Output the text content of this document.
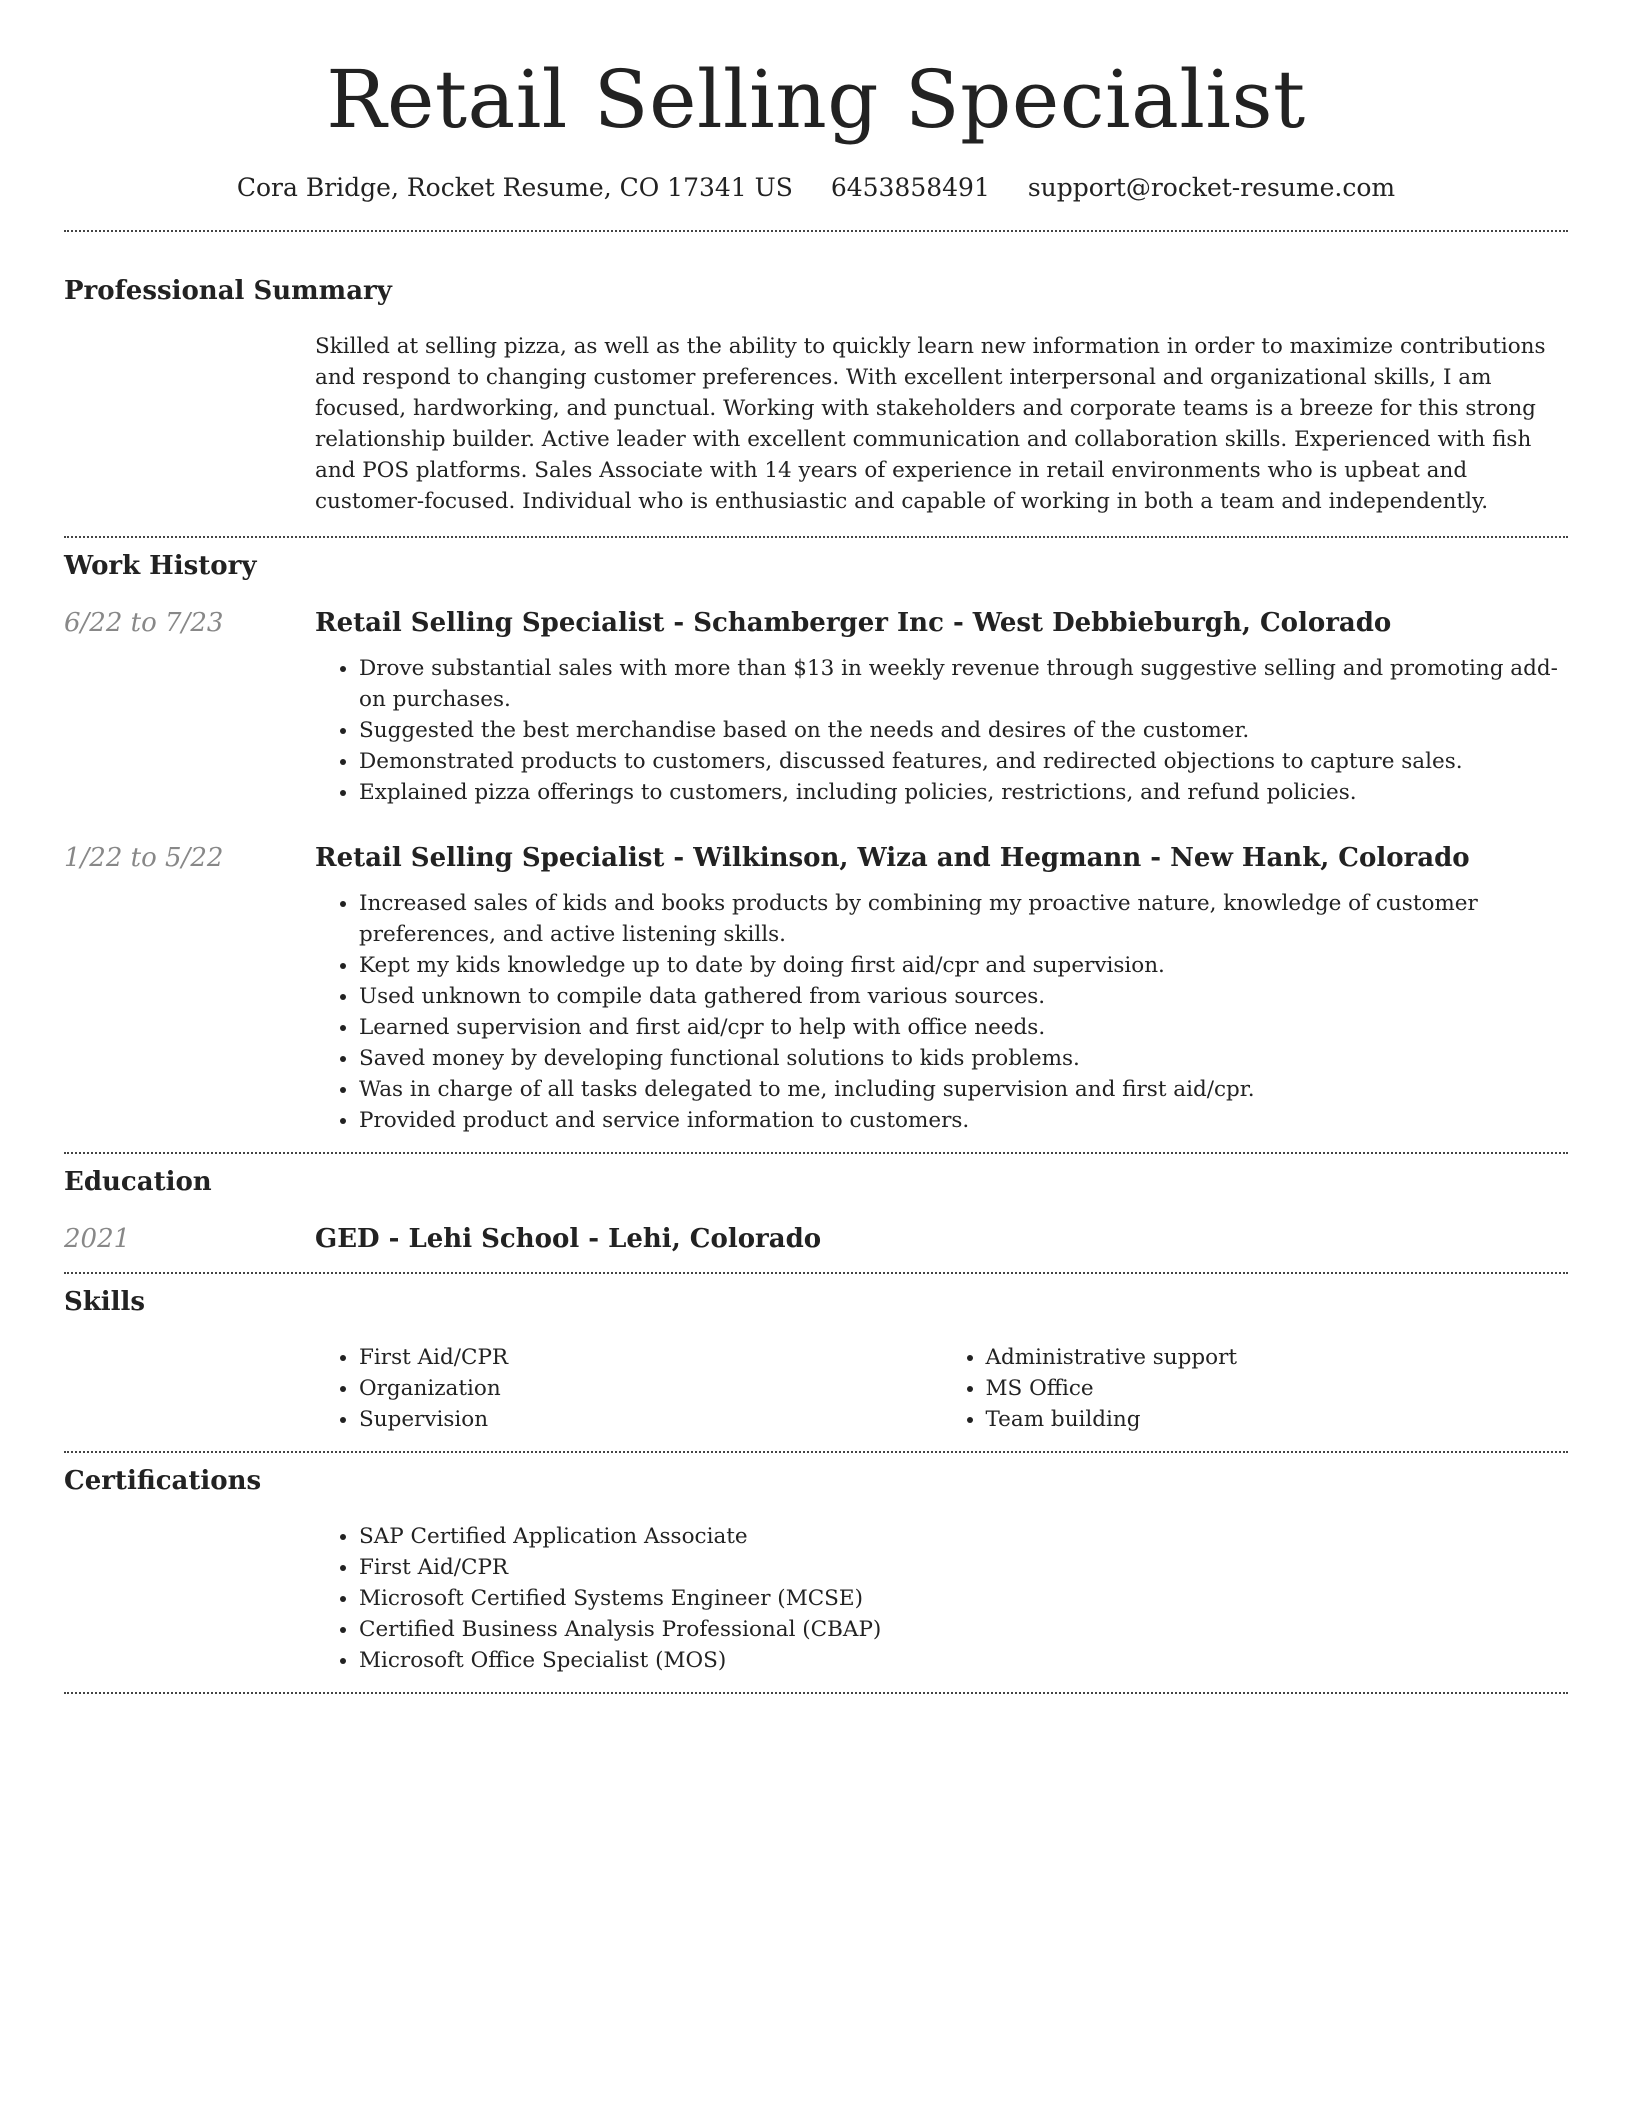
Retail Selling Specialist
Cora Bridge, Rocket Resume, CO 17341 US 6453858491 support@rocket-resume.com
Professional Summary

Skilled at selling pizza, as well as the ability to quickly learn new information in order to maximize contributions and respond to changing customer preferences. With excellent interpersonal and organizational skills, I am focused, hardworking, and punctual. Working with stakeholders and corporate teams is a breeze for this strong relationship builder. Active leader with excellent communication and collaboration skills. Experienced with fish and POS platforms. Sales Associate with 14 years of experience in retail environments who is upbeat and customer-focused. Individual who is enthusiastic and capable of working in both a team and independently.

Work History
6/22 to 7/23	Retail Selling Specialist - Schamberger Inc - West Debbieburgh, Colorado
• Drove substantial sales with more than $13 in weekly revenue through suggestive selling and promoting add-on purchases.
• Suggested the best merchandise based on the needs and desires of the customer.
• Demonstrated products to customers, discussed features, and redirected objections to capture sales.
• Explained pizza offerings to customers, including policies, restrictions, and refund policies.
1/22 to 5/22	Retail Selling Specialist - Wilkinson, Wiza and Hegmann - New Hank, Colorado
• Increased sales of kids and books products by combining my proactive nature, knowledge of customer preferences, and active listening skills.
• Kept my kids knowledge up to date by doing first aid/cpr and supervision.
• Used unknown to compile data gathered from various sources.
• Learned supervision and first aid/cpr to help with office needs.
• Saved money by developing functional solutions to kids problems.
• Was in charge of all tasks delegated to me, including supervision and first aid/cpr.
• Provided product and service information to customers.
Education
2021	GED - Lehi School - Lehi, Colorado
Skills
• First Aid/CPR
• Organization
• Supervision
• Administrative support
• MS Office
• Team building
Certifications
• SAP Certified Application Associate
• First Aid/CPR
• Microsoft Certified Systems Engineer (MCSE)
• Certified Business Analysis Professional (CBAP)
• Microsoft Office Specialist (MOS)
